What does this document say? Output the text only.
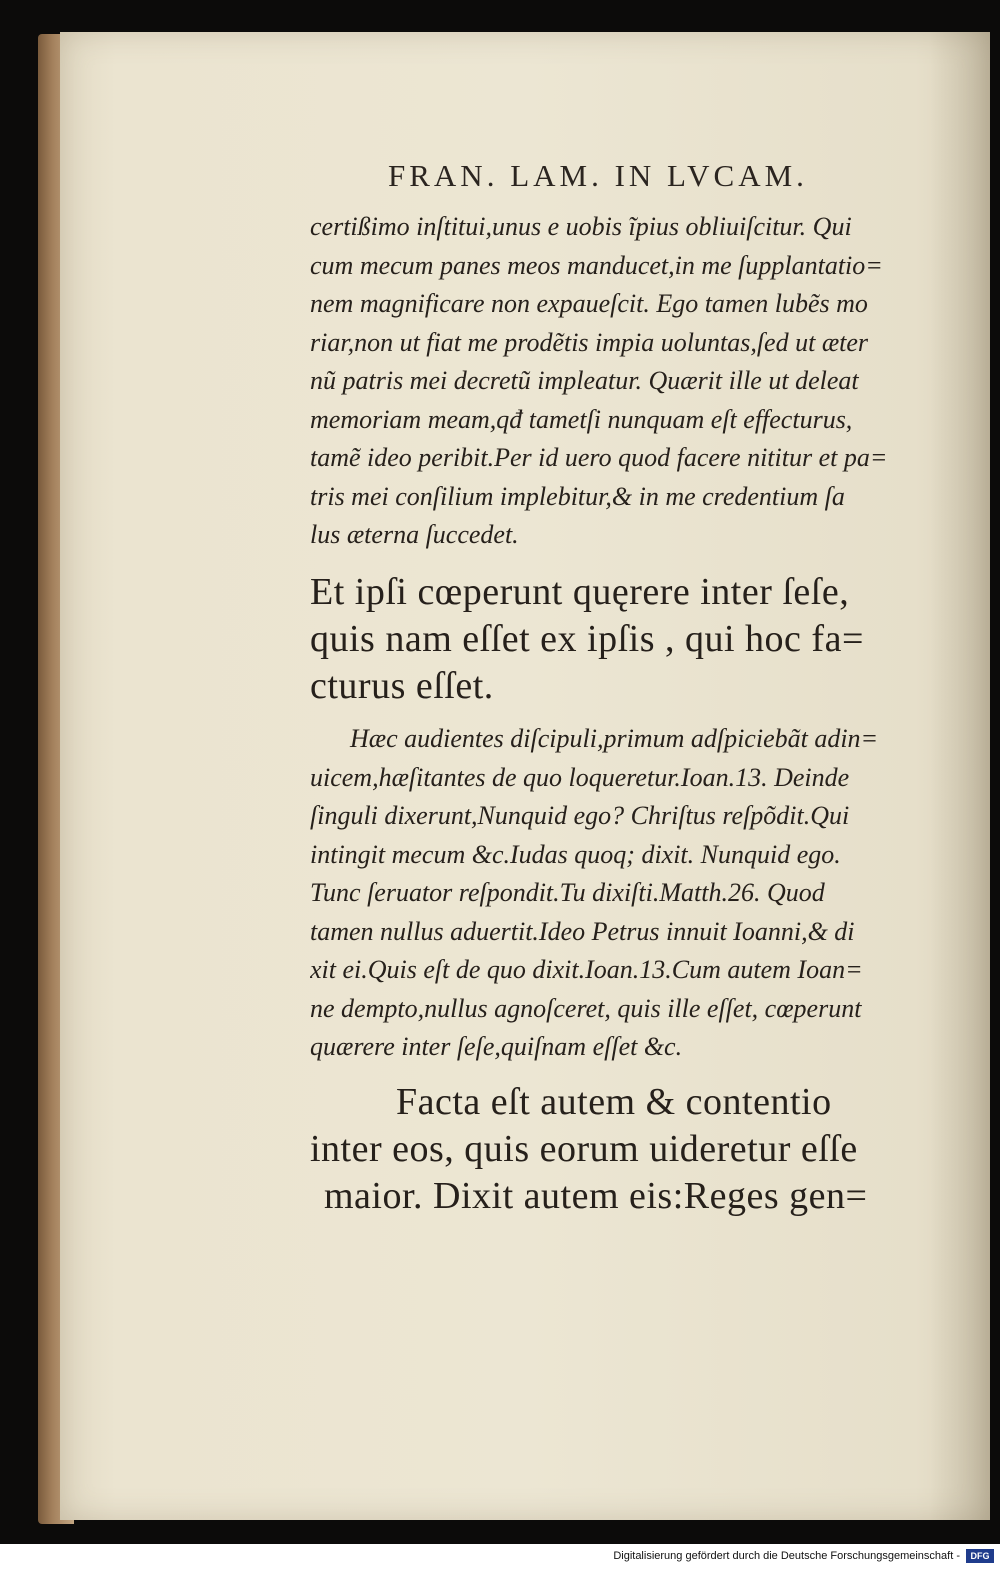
FRAN. LAM. IN LVCAM.
certißimo inſtitui,unus e uobis ĩpius obliuiſcitur. Qui
cum mecum panes meos manducet,in me ſupplantatio=
nem magnificare non expaueſcit. Ego tamen lubẽs mo
riar,non ut fiat me prodẽtis impia uoluntas,ſed ut æter
nũ patris mei decretũ impleatur. Quærit ille ut deleat
memoriam meam,qđ tametſi nunquam eſt effecturus,
tamẽ ideo peribit.Per id uero quod facere nititur et pa=
tris mei conſilium implebitur,& in me credentium ſa
lus æterna ſuccedet.
Et ipſi cœperunt quęrere inter ſeſe,
quis nam eſſet ex ipſis , qui hoc fa=
cturus eſſet.
Hæc audientes diſcipuli,primum adſpiciebãt adin=
uicem,hæſitantes de quo loqueretur.Ioan.13. Deinde
ſinguli dixerunt,Nunquid ego? Chriſtus reſpõdit.Qui
intingit mecum &c.Iudas quoq; dixit. Nunquid ego.
Tunc ſeruator reſpondit.Tu dixiſti.Matth.26. Quod
tamen nullus aduertit.Ideo Petrus innuit Ioanni,& di
xit ei.Quis eſt de quo dixit.Ioan.13.Cum autem Ioan=
ne dempto,nullus agnoſceret, quis ille eſſet, cœperunt
quærere inter ſeſe,quiſnam eſſet &c.
Facta eſt autem & contentio
inter eos, quis eorum uideretur eſſe
maior. Dixit autem eis:Reges gen=
Digitalisierung gefördert durch die Deutsche Forschungsgemeinschaft -	DFG
